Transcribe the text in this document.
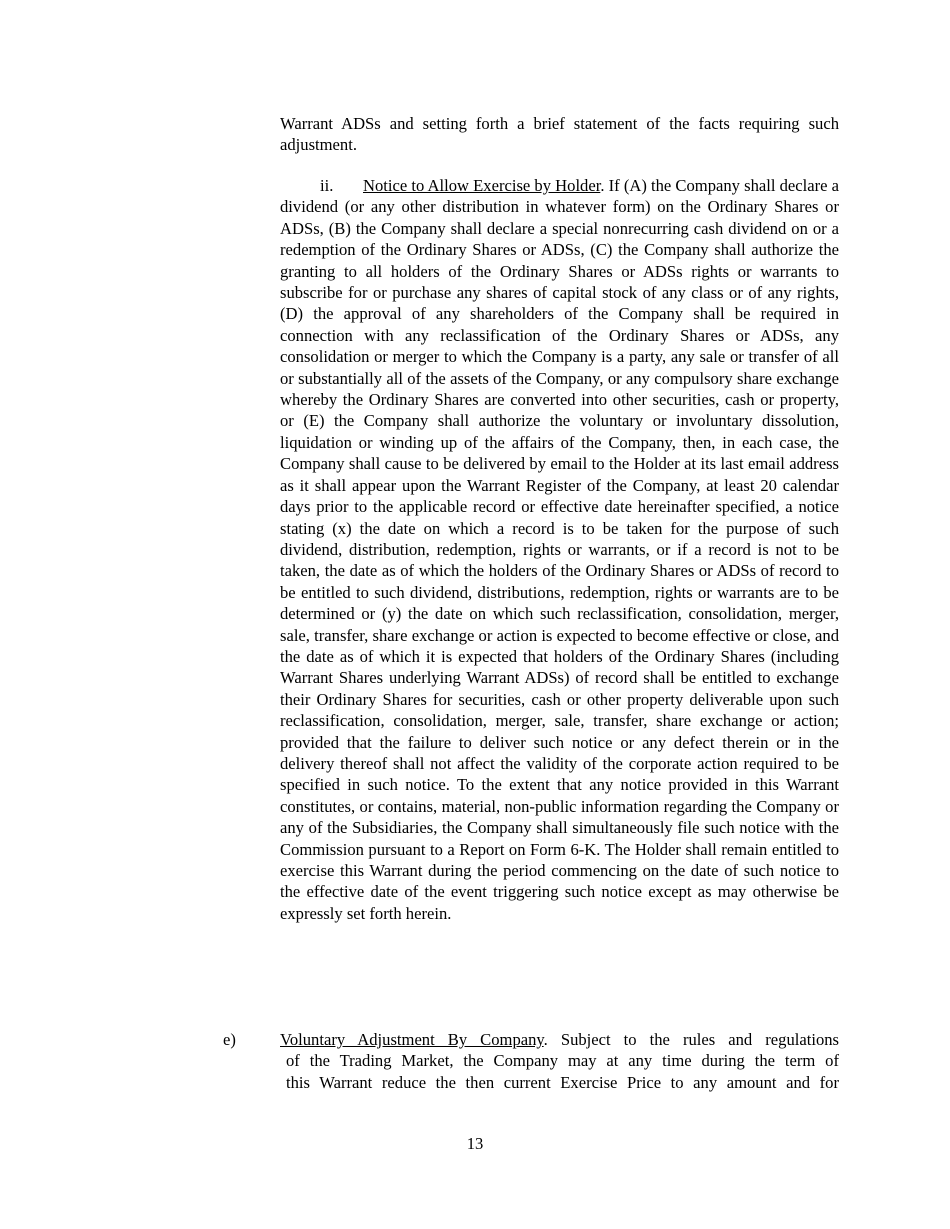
Warrant ADSs and setting forth a brief statement of the facts requiring such adjustment.

ii. Notice to Allow Exercise by Holder. If (A) the Company shall declare a dividend (or any other distribution in whatever form) on the Ordinary Shares or ADSs, (B) the Company shall declare a special nonrecurring cash dividend on or a redemption of the Ordinary Shares or ADSs, (C) the Company shall authorize the granting to all holders of the Ordinary Shares or ADSs rights or warrants to subscribe for or purchase any shares of capital stock of any class or of any rights, (D) the approval of any shareholders of the Company shall be required in connection with any reclassification of the Ordinary Shares or ADSs, any consolidation or merger to which the Company is a party, any sale or transfer of all or substantially all of the assets of the Company, or any compulsory share exchange whereby the Ordinary Shares are converted into other securities, cash or property, or (E) the Company shall authorize the voluntary or involuntary dissolution, liquidation or winding up of the affairs of the Company, then, in each case, the Company shall cause to be delivered by email to the Holder at its last email address as it shall appear upon the Warrant Register of the Company, at least 20 calendar days prior to the applicable record or effective date hereinafter specified, a notice stating (x) the date on which a record is to be taken for the purpose of such dividend, distribution, redemption, rights or warrants, or if a record is not to be taken, the date as of which the holders of the Ordinary Shares or ADSs of record to be entitled to such dividend, distributions, redemption, rights or warrants are to be determined or (y) the date on which such reclassification, consolidation, merger, sale, transfer, share exchange or action is expected to become effective or close, and the date as of which it is expected that holders of the Ordinary Shares (including Warrant Shares underlying Warrant ADSs) of record shall be entitled to exchange their Ordinary Shares for securities, cash or other property deliverable upon such reclassification, consolidation, merger, sale, transfer, share exchange or action; provided that the failure to deliver such notice or any defect therein or in the delivery thereof shall not affect the validity of the corporate action required to be specified in such notice. To the extent that any notice provided in this Warrant constitutes, or contains, material, non-public information regarding the Company or any of the Subsidiaries, the Company shall simultaneously file such notice with the Commission pursuant to a Report on Form 6-K. The Holder shall remain entitled to exercise this Warrant during the period commencing on the date of such notice to the effective date of the event triggering such notice except as may otherwise be expressly set forth herein.

e)	Voluntary Adjustment By Company. Subject to the rules and regulations
of the Trading Market, the Company may at any time during the term of
this Warrant reduce the then current Exercise Price to any amount and for

13
